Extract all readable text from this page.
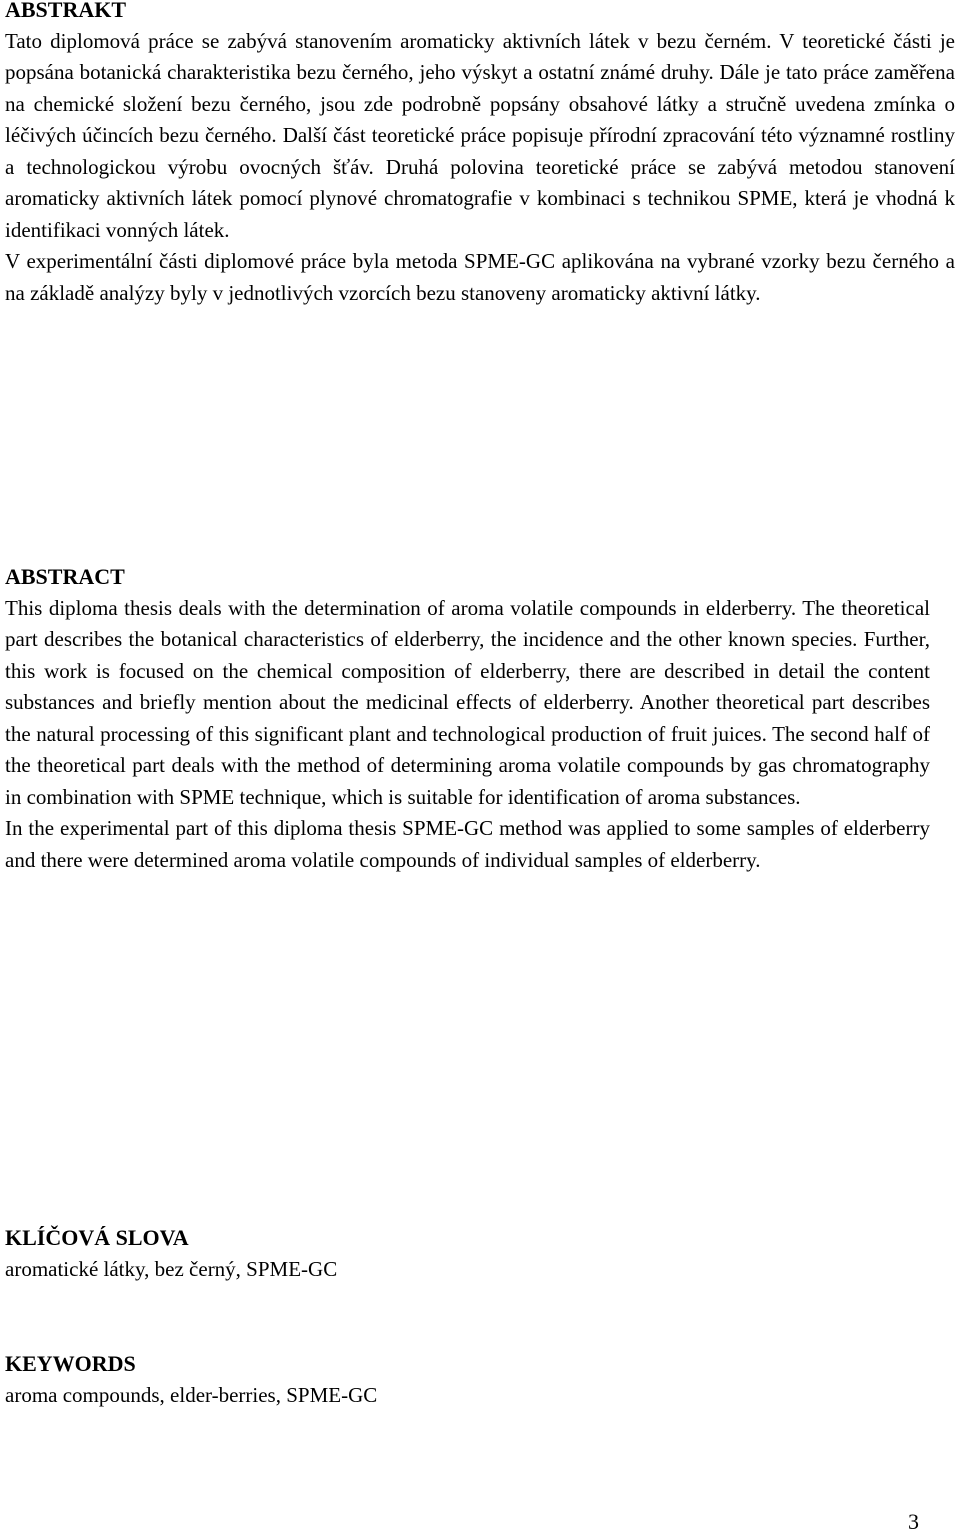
ABSTRAKT

Tato diplomová práce se zabývá stanovením aromaticky aktivních látek v bezu černém. V teoretické části je popsána botanická charakteristika bezu černého, jeho výskyt a ostatní známé druhy. Dále je tato práce zaměřena na chemické složení bezu černého, jsou zde podrobně popsány obsahové látky a stručně uvedena zmínka o léčivých účincích bezu černého. Další část teoretické práce popisuje přírodní zpracování této významné rostliny a technologickou výrobu ovocných šťáv. Druhá polovina teoretické práce se zabývá metodou stanovení aromaticky aktivních látek pomocí plynové chromatografie v kombinaci s technikou SPME, která je vhodná k identifikaci vonných látek.

V experimentální části diplomové práce byla metoda SPME-GC aplikována na vybrané vzorky bezu černého a na základě analýzy byly v jednotlivých vzorcích bezu stanoveny aromaticky aktivní látky.

ABSTRACT

This diploma thesis deals with the determination of aroma volatile compounds in elderberry. The theoretical part describes the botanical characteristics of elderberry, the incidence and the other known species. Further, this work is focused on the chemical composition of elderberry, there are described in detail the content substances and briefly mention about the medicinal effects of elderberry. Another theoretical part describes the natural processing of this significant plant and technological production of fruit juices. The second half of the theoretical part deals with the method of determining aroma volatile compounds by gas chromatography in combination with SPME technique, which is suitable for identification of aroma substances.

In the experimental part of this diploma thesis SPME-GC method was applied to some samples of elderberry and there were determined aroma volatile compounds of individual samples of elderberry.

KLÍČOVÁ SLOVA

aromatické látky, bez černý, SPME-GC

KEYWORDS

aroma compounds, elder-berries, SPME-GC

3
